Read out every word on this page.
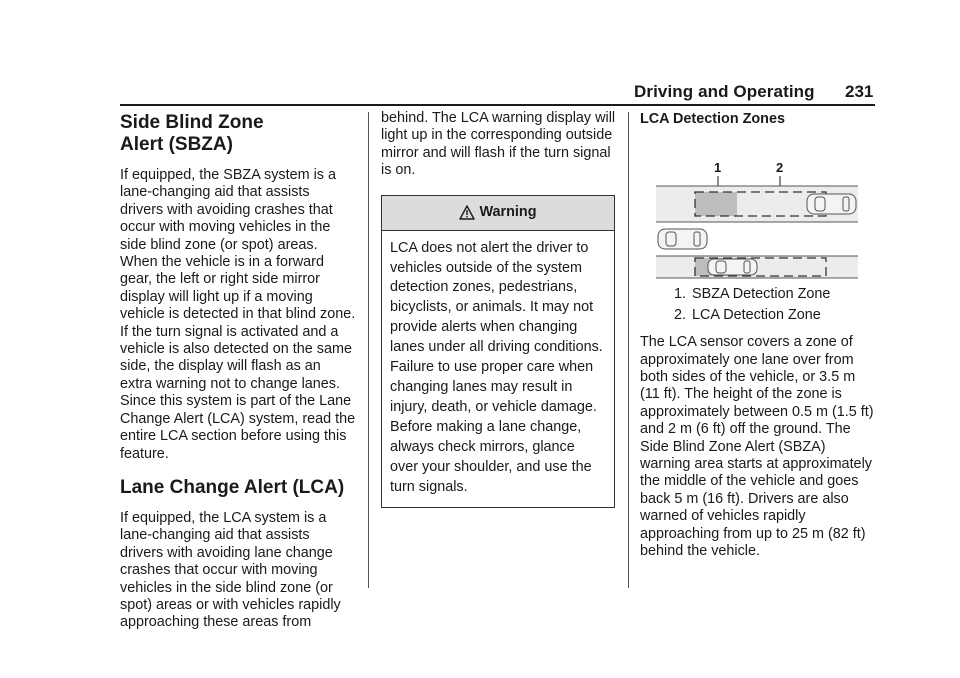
Driving and Operating 231
Side Blind Zone
Alert (SBZA)

If equipped, the SBZA system is a lane-changing aid that assists drivers with avoiding crashes that occur with moving vehicles in the side blind zone (or spot) areas. When the vehicle is in a forward gear, the left or right side mirror display will light up if a moving vehicle is detected in that blind zone. If the turn signal is activated and a vehicle is also detected on the same side, the display will flash as an extra warning not to change lanes. Since this system is part of the Lane Change Alert (LCA) system, read the entire LCA section before using this feature.

Lane Change Alert (LCA)

If equipped, the LCA system is a lane-changing aid that assists drivers with avoiding lane change crashes that occur with moving vehicles in the side blind zone (or spot) areas or with vehicles rapidly approaching these areas from

behind. The LCA warning display will light up in the corresponding outside mirror and will flash if the turn signal is on.

Warning
LCA does not alert the driver to vehicles outside of the system detection zones, pedestrians, bicyclists, or animals. It may not provide alerts when changing lanes under all driving conditions. Failure to use proper care when changing lanes may result in injury, death, or vehicle damage. Before making a lane change, always check mirrors, glance over your shoulder, and use the turn signals.
LCA Detection Zones
1	2
1. SBZA Detection Zone
2. LCA Detection Zone

The LCA sensor covers a zone of approximately one lane over from both sides of the vehicle, or 3.5 m (11 ft). The height of the zone is approximately between 0.5 m (1.5 ft) and 2 m (6 ft) off the ground. The Side Blind Zone Alert (SBZA) warning area starts at approximately the middle of the vehicle and goes back 5 m (16 ft). Drivers are also warned of vehicles rapidly approaching from up to 25 m (82 ft) behind the vehicle.
